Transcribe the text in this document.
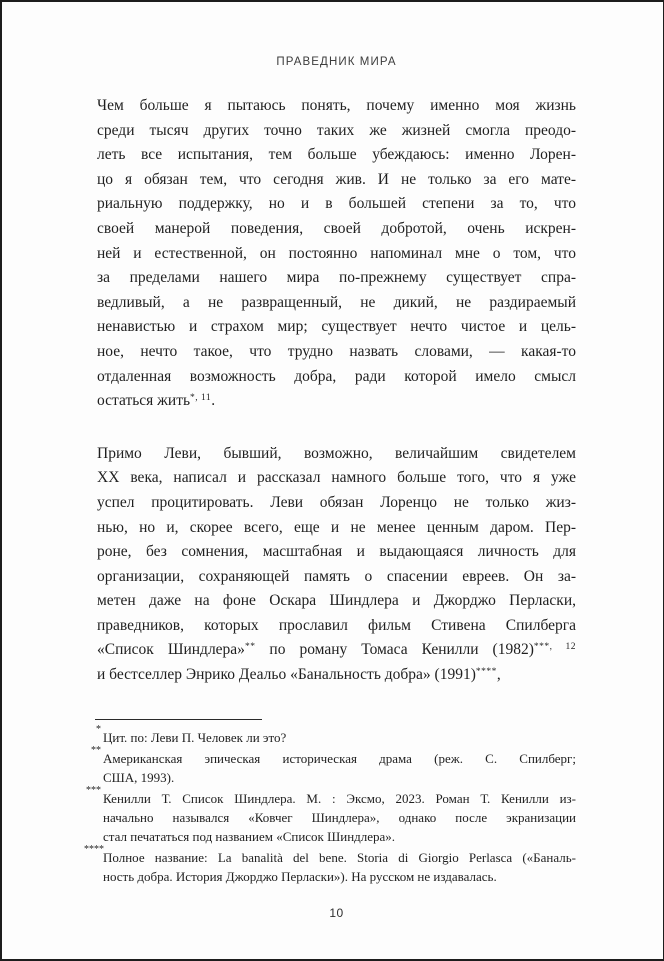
ПРАВЕДНИК МИРА
Чем больше я пытаюсь понять, почему именно моя жизнь
среди тысяч других точно таких же жизней смогла преодо-
леть все испытания, тем больше убеждаюсь: именно Лорен-
цо я обязан тем, что сегодня жив. И не только за его мате-
риальную поддержку, но и в большей степени за то, что
своей манерой поведения, своей добротой, очень искрен-
ней и естественной, он постоянно напоминал мне о том, что
за пределами нашего мира по-прежнему существует спра-
ведливый, а не развращенный, не дикий, не раздираемый
ненавистью и страхом мир; существует нечто чистое и цель-
ное, нечто такое, что трудно назвать словами, — какая-то
отдаленная возможность добра, ради которой имело смысл
остаться жить$^{*, 11}$.
Примо Леви, бывший, возможно, величайшим свидетелем
XX века, написал и рассказал намного больше того, что я уже
успел процитировать. Леви обязан Лоренцо не только жиз-
нью, но и, скорее всего, еще и не менее ценным даром. Пер-
роне, без сомнения, масштабная и выдающаяся личность для
организации, сохраняющей память о спасении евреев. Он за-
метен даже на фоне Оскара Шиндлера и Джорджо Перласки,
праведников, которых прославил фильм Стивена Спилберга
«Список Шиндлера»** по роману Томаса Кенилли $(1982)^{***, 12}$
и бестселлер Энрико Деальо «Банальность добра» (1991)****,
*
Цит. по: Леви П. Человек ли это?
**
Американская эпическая историческая драма (реж. С. Спилберг;
США, 1993).
***
Кенилли Т. Список Шиндлера. М. : Эксмо, 2023. Роман Т. Кенилли из-
начально назывался «Ковчег Шиндлера», однако после экранизации
стал печататься под названием «Список Шиндлера».
****
Полное название: La banalità del bene. Storia di Giorgio Perlasca («Баналь-
ность добра. История Джорджо Перласки»). На русском не издавалась.
10
